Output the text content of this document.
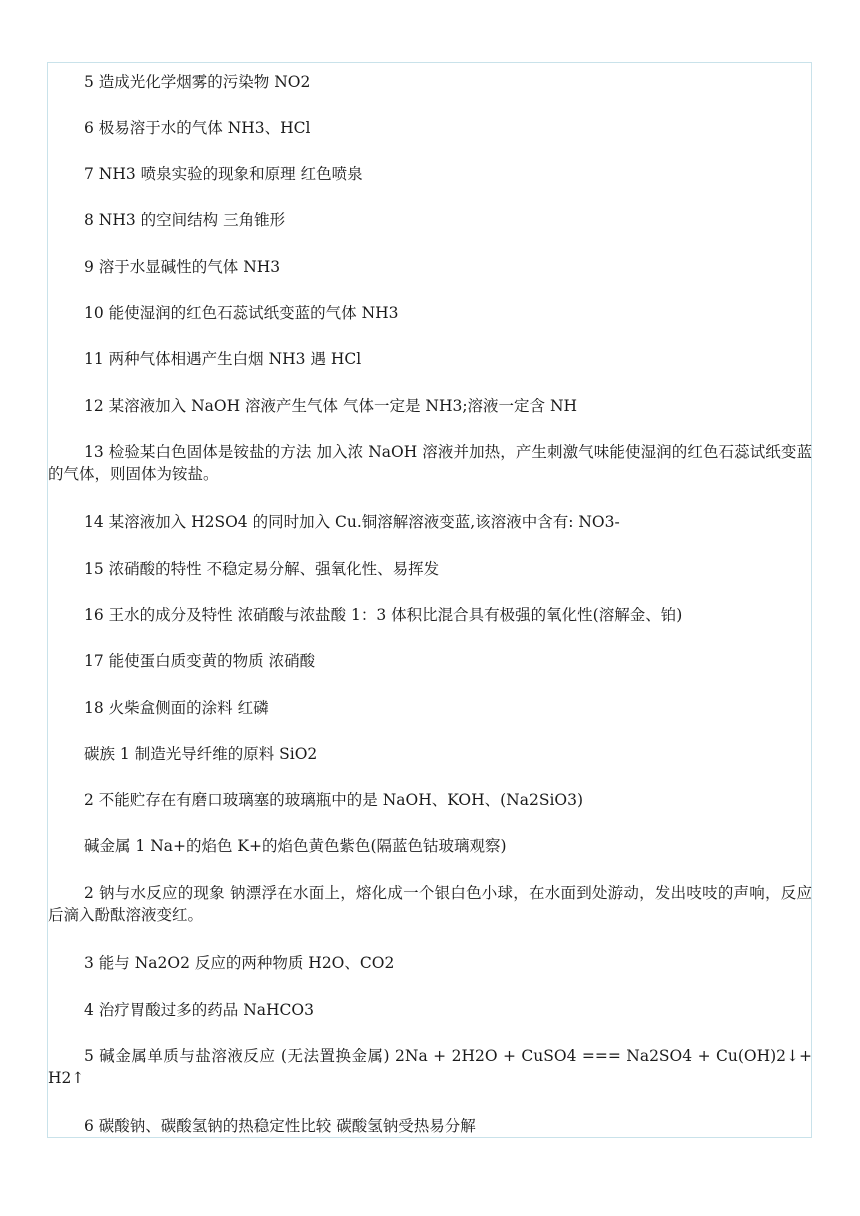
5 造成光化学烟雾的污染物 NO2

6 极易溶于水的气体 NH3、HCl

7 NH3 喷泉实验的现象和原理 红色喷泉

8 NH3 的空间结构 三角锥形

9 溶于水显碱性的气体 NH3

10 能使湿润的红色石蕊试纸变蓝的气体 NH3

11 两种气体相遇产生白烟 NH3 遇 HCl

12 某溶液加入 NaOH 溶液产生气体 气体一定是 NH3;溶液一定含 NH

13 检验某白色固体是铵盐的方法 加入浓 NaOH 溶液并加热，产生刺激气味能使湿润的红色石蕊试纸变蓝的气体，则固体为铵盐。

14 某溶液加入 H2SO4 的同时加入 Cu.铜溶解溶液变蓝,该溶液中含有: NO3-

15 浓硝酸的特性 不稳定易分解、强氧化性、易挥发

16 王水的成分及特性 浓硝酸与浓盐酸 1：3 体积比混合具有极强的氧化性(溶解金、铂)

17 能使蛋白质变黄的物质 浓硝酸

18 火柴盒侧面的涂料 红磷

碳族 1 制造光导纤维的原料 SiO2

2 不能贮存在有磨口玻璃塞的玻璃瓶中的是 NaOH、KOH、(Na2SiO3)

碱金属 1 Na+的焰色 K+的焰色黄色紫色(隔蓝色钴玻璃观察)

2 钠与水反应的现象 钠漂浮在水面上，熔化成一个银白色小球，在水面到处游动，发出吱吱的声响，反应后滴入酚酞溶液变红。

3 能与 Na2O2 反应的两种物质 H2O、CO2

4 治疗胃酸过多的药品 NaHCO3

5 碱金属单质与盐溶液反应 (无法置换金属) 2Na + 2H2O + CuSO4 === Na2SO4 + Cu(OH)2↓+ H2↑

6 碳酸钠、碳酸氢钠的热稳定性比较 碳酸氢钠受热易分解
